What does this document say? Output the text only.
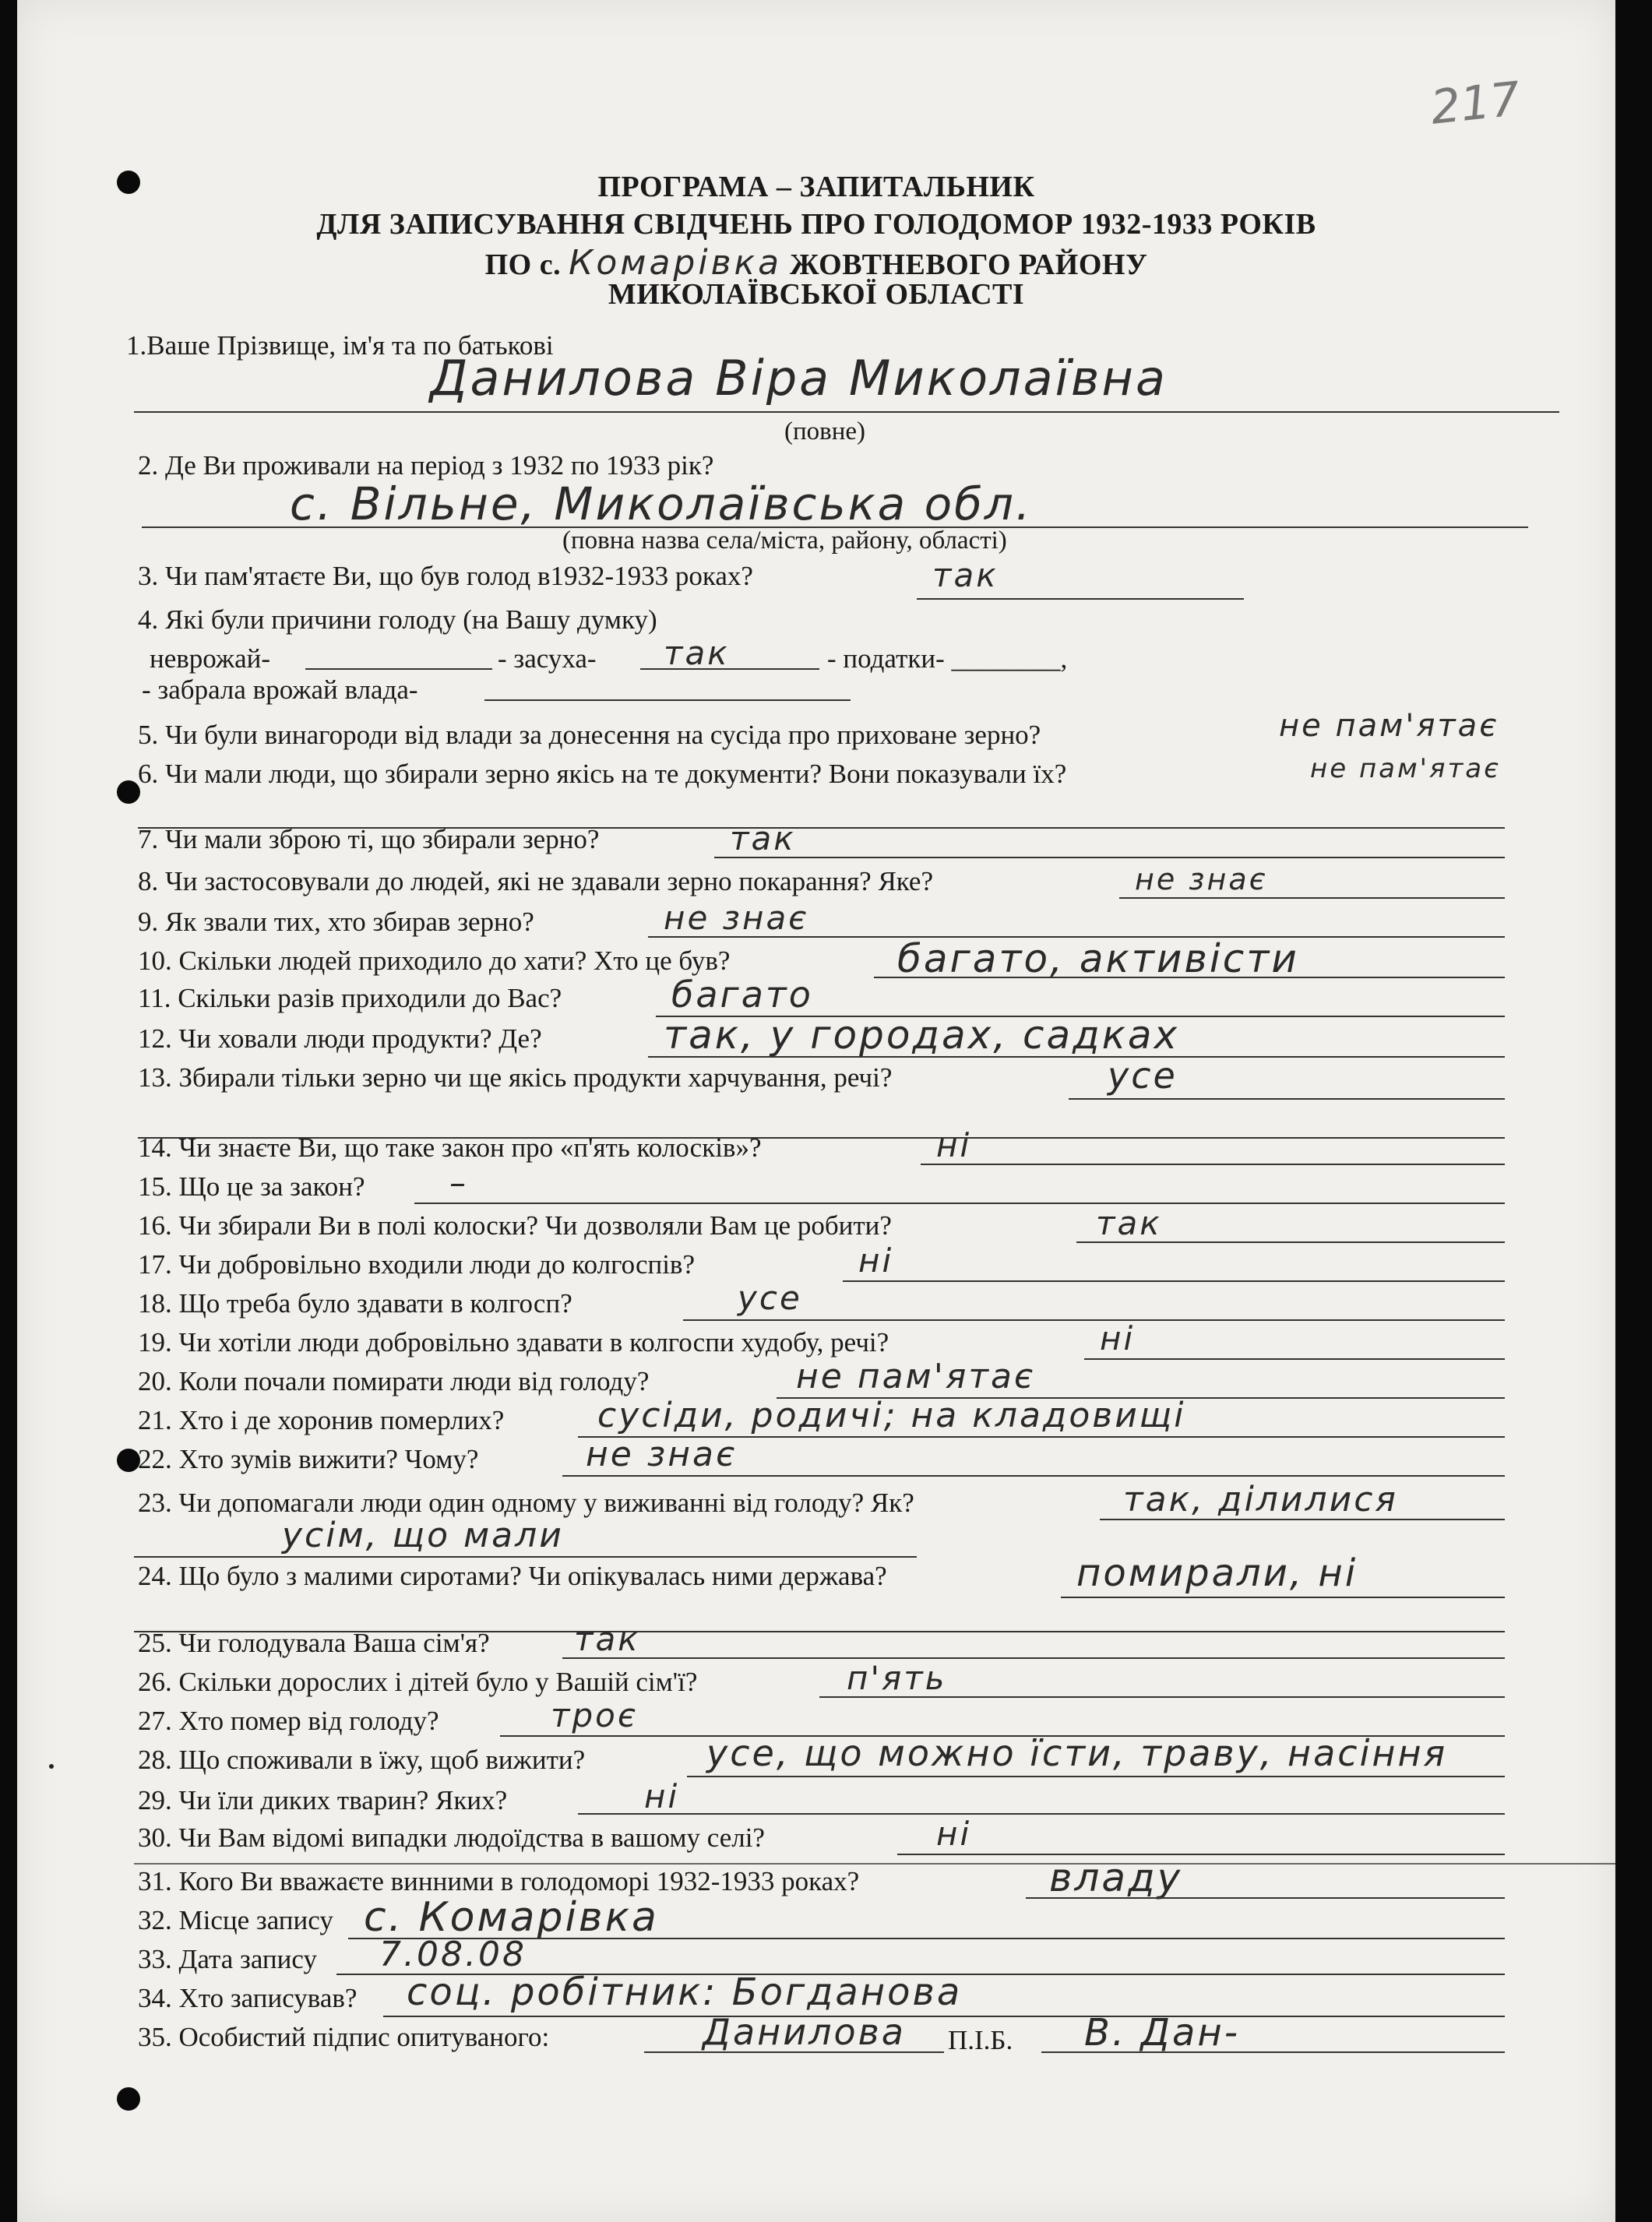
217
ПРОГРАМА – ЗАПИТАЛЬНИК
ДЛЯ ЗАПИСУВАННЯ СВІДЧЕНЬ ПРО ГОЛОДОМОР 1932-1933 РОКІВ
ПО с. Комарівка ЖОВТНЕВОГО РАЙОНУ
МИКОЛАЇВСЬКОЇ ОБЛАСТІ
1.Ваше Прізвище, ім'я та по батькові
Данилова Віра Миколаївна
(повне)
2. Де Ви проживали на період з 1932 по 1933 рік?
с. Вільне, Миколаївська обл.
(повна назва села/міста, району, області)
3. Чи пам'ятаєте Ви, що був голод в1932-1933 роках?	так
4. Які були причини голоду (на Вашу думку)
неврожай-	- засуха- так	- податки- ________,
- забрала врожай влада-
5. Чи були винагороди від влади за донесення на сусіда про приховане зерно?	не пам'ятає
6. Чи мали люди, що збирали зерно якісь на те документи? Вони показували їх?	не пам'ятає
7. Чи мали зброю ті, що збирали зерно?	так
8. Чи застосовували до людей, які не здавали зерно покарання? Яке?	не знає
9. Як звали тих, хто збирав зерно?	не знає
10. Скільки людей приходило до хати? Хто це був?	багато, активісти
11. Скільки разів приходили до Вас?	багато
12. Чи ховали люди продукти? Де?	так, у городах, садках
13. Збирали тільки зерно чи ще якісь продукти харчування, речі?	усе
14. Чи знаєте Ви, що таке закон про «п'ять колосків»?	ні
15. Що це за закон?	–
16. Чи збирали Ви в полі колоски? Чи дозволяли Вам це робити?	так
17. Чи добровільно входили люди до колгоспів?	ні
18. Що треба було здавати в колгосп?	усе
19. Чи хотіли люди добровільно здавати в колгоспи худобу, речі?	ні
20. Коли почали помирати люди від голоду?	не пам'ятає
21. Хто і де хоронив померлих?	сусіди, родичі; на кладовищі
22. Хто зумів вижити? Чому?	не знає
23. Чи допомагали люди один одному у виживанні від голоду? Як?	так, ділилися
усім, що мали
24. Що було з малими сиротами? Чи опікувалась ними держава?	помирали, ні
25. Чи голодувала Ваша сім'я?	так
26. Скільки дорослих і дітей було у Вашій сім'ї?	п'ять
27. Хто помер від голоду?	троє
28. Що споживали в їжу, щоб вижити?	усе, що можно їсти, траву, насіння
29. Чи їли диких тварин? Яких?	ні
30. Чи Вам відомі випадки людоїдства в вашому селі?	ні
31. Кого Ви вважаєте винними в голодоморі 1932-1933 роках?	владу
32. Місце запису с. Комарівка
33. Дата запису 7.08.08
34. Хто записував? соц. робітник: Богданова
35. Особистий підпис опитуваного:	Данилова П.І.Б. В. Дан-
